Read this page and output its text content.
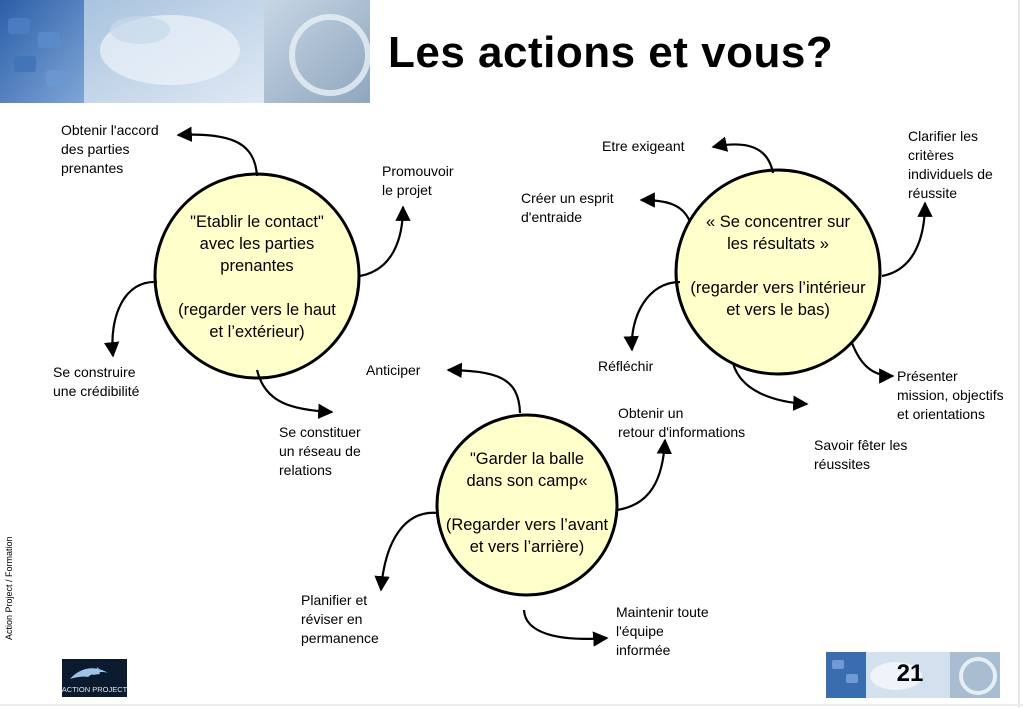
Les actions et vous?
"Etablir le contact"
avec les parties
prenantes
(regarder vers le haut
et l’extérieur)
« Se concentrer sur
les résultats »
(regarder vers l’intérieur
et vers le bas)
"Garder la balle
dans son camp«
(Regarder vers l’avant
et vers l’arrière)
Obtenir l'accord
des parties
prenantes	Promouvoir
le projet
Se construire
une crédibilité
Se constituer
un réseau de
relations
Etre exigeant
Créer un esprit
d'entraide
Clarifier les
critères
individuels de
réussite
Réfléchir
Présenter
mission, objectifs
et orientations
Savoir fêter les
réussites
Anticiper
Obtenir un
retour d'informations
Planifier et
réviser en
permanence
Maintenir toute
l'équipe
informée
Action Project / Formation
ACTION PROJECT
21
